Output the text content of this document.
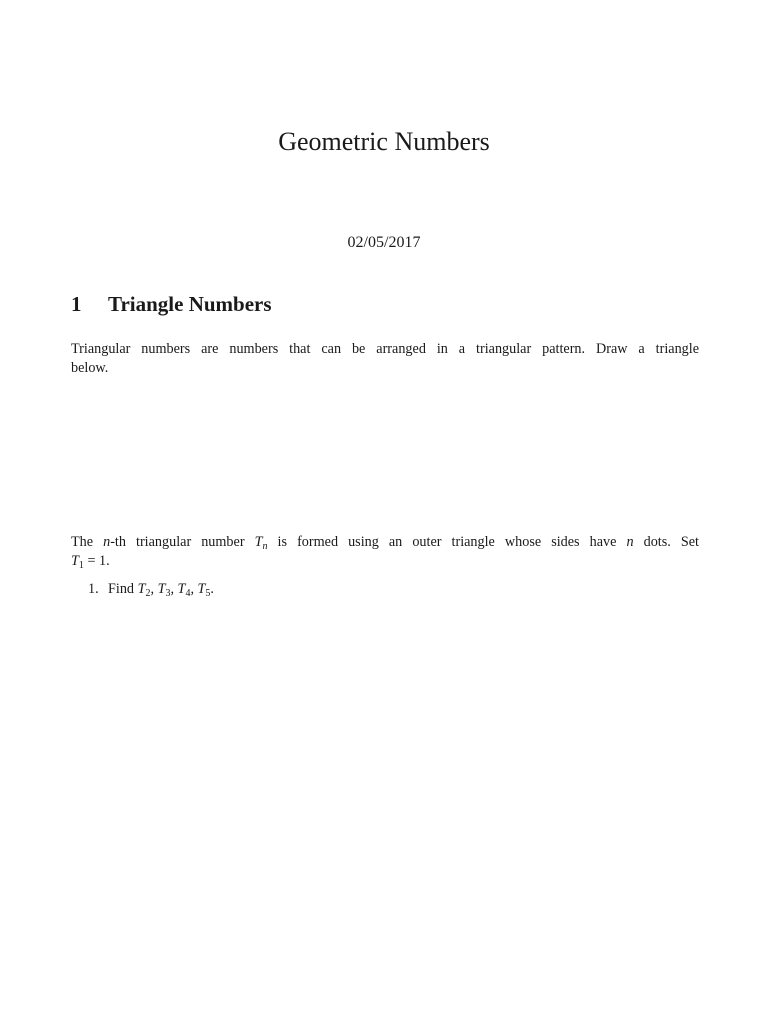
Geometric Numbers
02/05/2017
1 Triangle Numbers
Triangular numbers are numbers that can be arranged in a triangular pattern. Draw a triangle
below.
The n-th triangular number $T_n$ is formed using an outer triangle whose sides have n dots. Set
$T_1 = 1$.
1. Find $T_2$, $T_3$, $T_4$, $T_5$.
